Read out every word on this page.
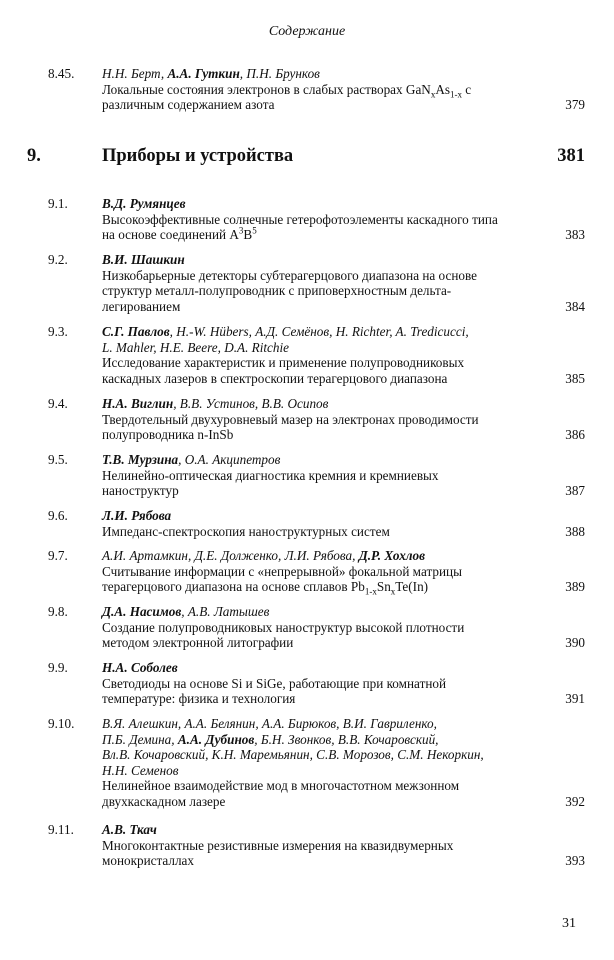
Содержание
8.45. Н.Н. Берт, А.А. Гуткин, П.Н. Брунков
Локальные состояния электронов в слабых растворах $GaN_xAs_{1-x}$ с
различным содержанием азота	379
9.	Приборы и устройства	381
9.1.	В.Д. Румянцев
Высокоэффективные солнечные гетерофотоэлементы каскадного типа
на основе соединений $A^3B^5$	383
9.2.	В.И. Шашкин
Низкобарьерные детекторы субтерагерцового диапазона на основе
структур металл-полупроводник с приповерхностным дельта-
легированием	384
9.3.	С.Г. Павлов, H.-W. Hübers, А.Д. Семёнов, H. Richter, A. Tredicucci,
L. Mahler, H.E. Beere, D.A. Ritchie
Исследование характеристик и применение полупроводниковых
каскадных лазеров в спектроскопии терагерцового диапазона	385
9.4.	Н.А. Виглин, В.В. Устинов, В.В. Осипов
Твердотельный двухуровневый мазер на электронах проводимости
полупроводника n-InSb	386
9.5.	Т.В. Мурзина, О.А. Акципетров
Нелинейно-оптическая диагностика кремния и кремниевых
наноструктур	387
9.6.	Л.И. Рябова
Импеданс-спектроскопия наноструктурных систем	388
9.7.	А.И. Артамкин, Д.Е. Долженко, Л.И. Рябова, Д.Р. Хохлов
Считывание информации с «непрерывной» фокальной матрицы
терагерцового диапазона на основе сплавов $Pb_{1-x}Sn_xTe(In)$	389
9.8.	Д.А. Насимов, А.В. Латышев
Создание полупроводниковых наноструктур высокой плотности
методом электронной литографии	390
9.9.	Н.А. Соболев
Светодиоды на основе Si и SiGe, работающие при комнатной
температуре: физика и технология	391
9.10. В.Я. Алешкин, А.А. Белянин, А.А. Бирюков, В.И. Гавриленко,
П.Б. Демина, А.А. Дубинов, Б.Н. Звонков, В.В. Кочаровский,
Вл.В. Кочаровский, К.Н. Маремьянин, С.В. Морозов, С.М. Некоркин,
Н.Н. Семенов
Нелинейное взаимодействие мод в многочастотном межзонном
двухкаскадном лазере	392
9.11. А.В. Ткач
Многоконтактные резистивные измерения на квазидвумерных
монокристаллах	393
31
